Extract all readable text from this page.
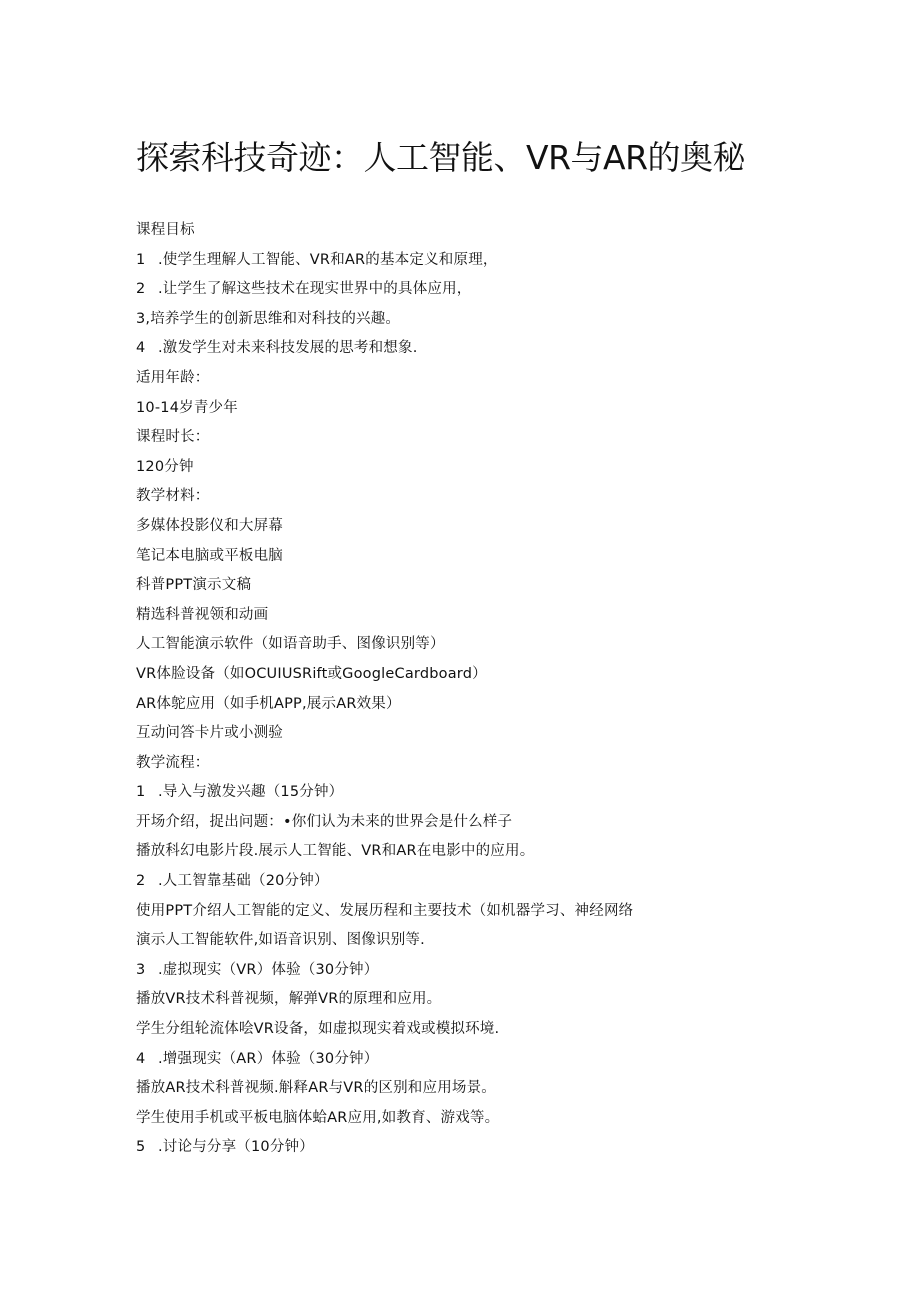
探索科技奇迹：人工智能、VR与AR的奥秘
课程目标
1 .使学生理解人工智能、VR和AR的基本定义和原理，
2 .让学生了解这些技术在现实世界中的具体应用，
3,培养学生的创新思维和对科技的兴趣。
4 .激发学生对未来科技发展的思考和想象.
适用年龄：
10-14岁青少年
课程时长：
120分钟
教学材料：
多媒体投影仪和大屏幕
笔记本电脑或平板电脑
科普PPT演示文稿
精选科普视领和动画
人工智能演示软件（如语音助手、图像识别等）
VR体脸设备（如OCUIUSRift或GoogleCardboard）
AR体鸵应用（如手机APP,展示AR效果）
互动问答卡片或小测验
教学流程：
1 .导入与激发兴趣（15分钟）
开场介绍，捉出问题：•你们认为未来的世界会是什么样子
播放科幻电影片段.展示人工智能、VR和AR在电影中的应用。
2 .人工智靠基础（20分钟）
使用PPT介绍人工智能的定义、发展历程和主要技术（如机器学习、神经网络
演示人工智能软件,如语音识别、图像识别等.
3 .虚拟现实（VR）体验（30分钟）
播放VR技术科普视频，解弹VR的原理和应用。
学生分组轮流体哙VR设备，如虚拟现实着戏或模拟环境.
4 .增强现实（AR）体验（30分钟）
播放AR技术科普视频.斛释AR与VR的区别和应用场景。
学生使用手机或平板电脑体蛤AR应用,如教育、游戏等。
5 .讨论与分享（10分钟）
